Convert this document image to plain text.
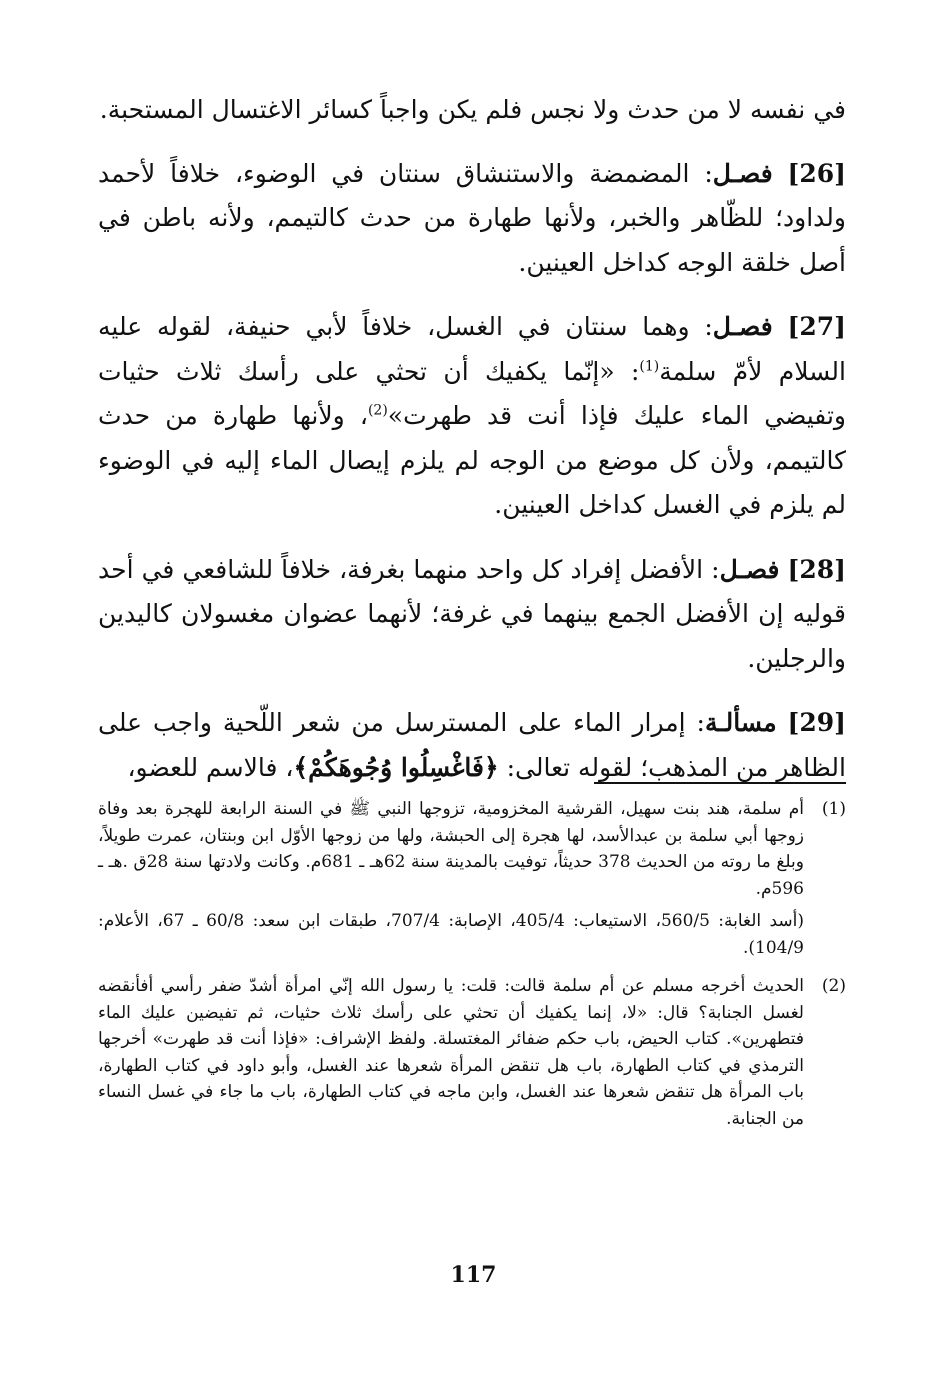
في نفسه لا من حدث ولا نجس فلم يكن واجباً كسائر الاغتسال المستحبة.

[26] فصـل: المضمضة والاستنشاق سنتان في الوضوء، خلافاً لأحمد ولداود؛ للظّاهر والخبر، ولأنها طهارة من حدث كالتيمم، ولأنه باطن في أصل خلقة الوجه كداخل العينين.

[27] فصـل: وهما سنتان في الغسل، خلافاً لأبي حنيفة، لقوله عليه السلام لأمّ سلمة$^{(1)}$: «إنّما يكفيك أن تحثي على رأسك ثلاث حثيات وتفيضي الماء عليك فإذا أنت قد طهرت»$^{(2)}$، ولأنها طهارة من حدث كالتيمم، ولأن كل موضع من الوجه لم يلزم إيصال الماء إليه في الوضوء لم يلزم في الغسل كداخل العينين.

[28] فصـل: الأفضل إفراد كل واحد منهما بغرفة، خلافاً للشافعي في أحد قوليه إن الأفضل الجمع بينهما في غرفة؛ لأنهما عضوان مغسولان كاليدين والرجلين.

[29] مسألـة: إمرار الماء على المسترسل من شعر اللّحية واجب على الظاهر من المذهب؛ لقوله تعالى: ﴿فَاغْسِلُوا وُجُوهَكُمْ﴾، فالاسم للعضو،

(1)

أم سلمة، هند بنت سهيل، القرشية المخزومية، تزوجها النبي ﷺ في السنة الرابعة للهجرة بعد وفاة زوجها أبي سلمة بن عبدالأسد، لها هجرة إلى الحبشة، ولها من زوجها الأوّل ابن وبنتان، عمرت طويلاً، وبلغ ما روته من الحديث 378 حديثاً، توفيت بالمدينة سنة 62هـ ـ 681م. وكانت ولادتها سنة 28ق .هـ ـ 596م.

(أسد الغابة: 560/5، الاستيعاب: 405/4، الإصابة: 707/4، طبقات ابن سعد: 60/8 ـ 67، الأعلام: 104/9).

(2)

الحديث أخرجه مسلم عن أم سلمة قالت: قلت: يا رسول الله إنّي امرأة أشدّ ضفر رأسي أفأنقضه لغسل الجنابة؟ قال: «لا، إنما يكفيك أن تحثي على رأسك ثلاث حثيات، ثم تفيضين عليك الماء فتطهرين». كتاب الحيض، باب حكم ضفائر المغتسلة. ولفظ الإشراف: «فإذا أنت قد طهرت» أخرجها الترمذي في كتاب الطهارة، باب هل تنقض المرأة شعرها عند الغسل، وأبو داود في كتاب الطهارة، باب المرأة هل تنقض شعرها عند الغسل، وابن ماجه في كتاب الطهارة، باب ما جاء في غسل النساء من الجنابة.

117
